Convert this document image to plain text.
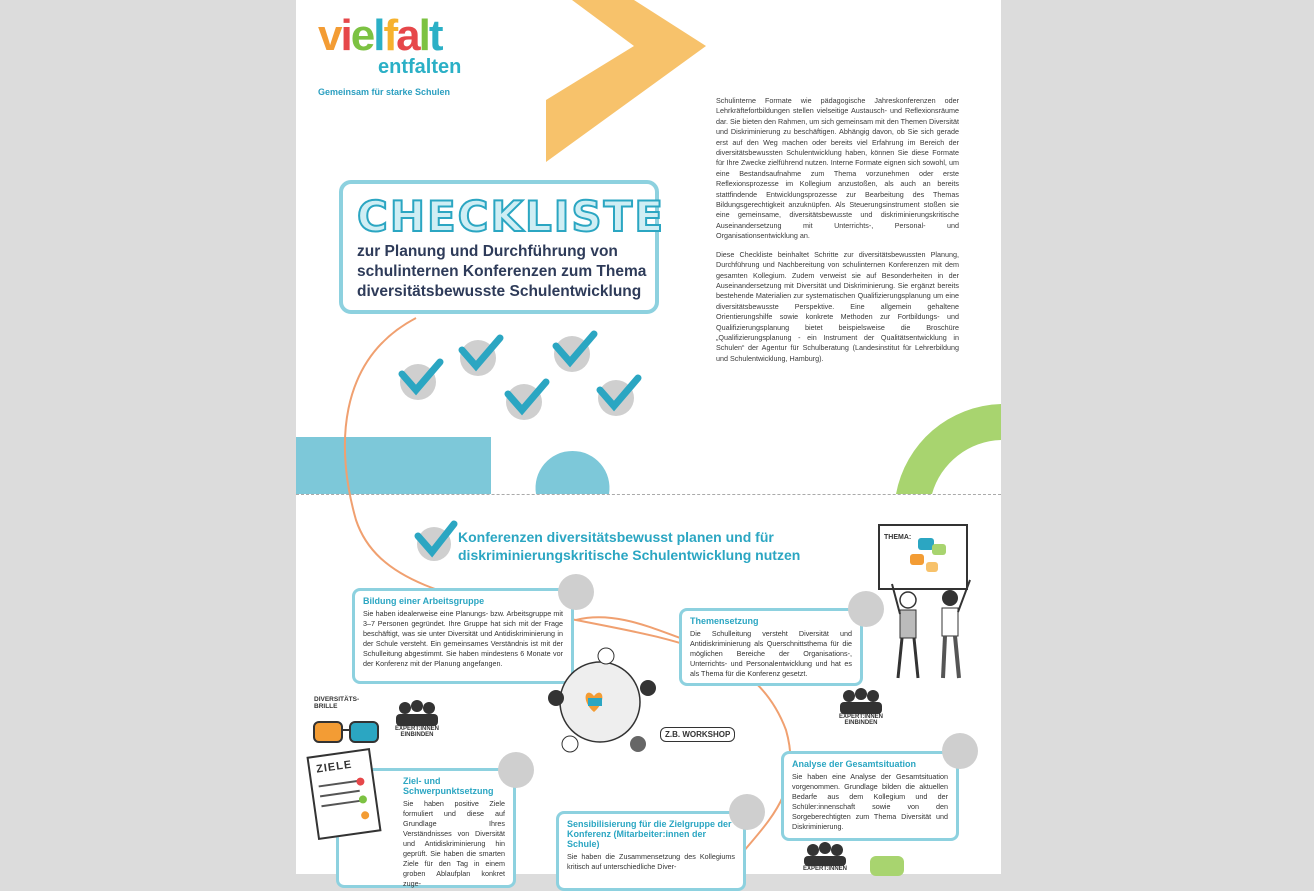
vielfalt
entfalten
Gemeinsam für starke Schulen

Schulinterne Formate wie pädagogische Jahreskonferenzen oder Lehrkräftefortbildungen stellen vielseitige Austausch- und Reflexionsräume dar. Sie bieten den Rahmen, um sich gemeinsam mit den Themen Diversität und Diskriminierung zu beschäftigen. Abhängig davon, ob Sie sich gerade erst auf den Weg machen oder bereits viel Erfahrung im Bereich der diversitätsbewussten Schulentwicklung haben, können Sie diese Formate für Ihre Zwecke zielführend nutzen. Interne Formate eignen sich sowohl, um eine Bestandsaufnahme zum Thema vorzunehmen oder erste Reflexionsprozesse im Kollegium anzustoßen, als auch an bereits stattfindende Entwicklungsprozesse zur Bearbeitung des Themas Bildungsgerechtigkeit anzuknüpfen. Als Steuerungsinstrument stoßen sie eine gemeinsame, diversitätsbewusste und diskriminierungskritische Auseinandersetzung mit Unterrichts-, Personal- und Organisationsentwicklung an.

Diese Checkliste beinhaltet Schritte zur diversitätsbewussten Planung, Durchführung und Nachbereitung von schulinternen Konferenzen mit dem gesamten Kollegium. Zudem verweist sie auf Besonderheiten in der Auseinandersetzung mit Diversität und Diskriminierung. Sie ergänzt bereits bestehende Materialien zur systematischen Qualifizierungsplanung um eine diversitätsbewusste Perspektive. Eine allgemein gehaltene Orientierungshilfe sowie konkrete Methoden zur Fortbildungs- und Qualifizierungsplanung bietet beispielsweise die Broschüre „Qualifizierungsplanung - ein Instrument der Qualitätsentwicklung in Schulen“ der Agentur für Schulberatung (Landesinstitut für Lehrerbildung und Schulentwicklung, Hamburg).

CHECKLISTE
zur Planung und Durchführung von schulinternen Konferenzen zum Thema diversitätsbewusste Schulentwicklung
Konferenzen diversitätsbewusst planen und für diskriminierungskritische Schulentwicklung nutzen
Bildung einer Arbeitsgruppe

Sie haben idealerweise eine Planungs- bzw. Arbeitsgruppe mit 3–7 Personen gegründet. Ihre Gruppe hat sich mit der Frage beschäftigt, was sie unter Diversität und Antidiskriminierung in der Schule versteht. Ein gemeinsames Verständnis ist mit der Schulleitung abgestimmt. Sie haben mindestens 6 Monate vor der Konferenz mit der Planung angefangen.

Themensetzung

Die Schulleitung versteht Diversität und Antidiskriminierung als Querschnittsthema für die möglichen Bereiche der Organisations-, Unterrichts- und Personalentwicklung und hat es als Thema für die Konferenz gesetzt.

Analyse der Gesamtsituation

Sie haben eine Analyse der Gesamtsituation vorgenommen. Grundlage bilden die aktuellen Bedarfe aus dem Kollegium und der Schüler:innenschaft sowie von den Sorgeberechtigten zum Thema Diversität und Diskriminierung.

Ziel- und Schwerpunktsetzung

Sie haben positive Ziele formuliert und diese auf Grundlage Ihres Verständnisses von Diversität und Antidiskriminierung hin geprüft. Sie haben die smarten Ziele für den Tag in einem groben Ablaufplan konkret zuge-

Sensibilisierung für die Zielgruppe der Konferenz (Mitarbeiter:innen der Schule)

Sie haben die Zusammensetzung des Kollegiums kritisch auf unterschiedliche Diver-

THEMA:
Z.B. WORKSHOP
DIVERSITÄTS-BRILLE
ZIELE
EXPERT:INNEN EINBINDEN
EXPERT:INNEN EINBINDEN
EXPERT:INNEN
